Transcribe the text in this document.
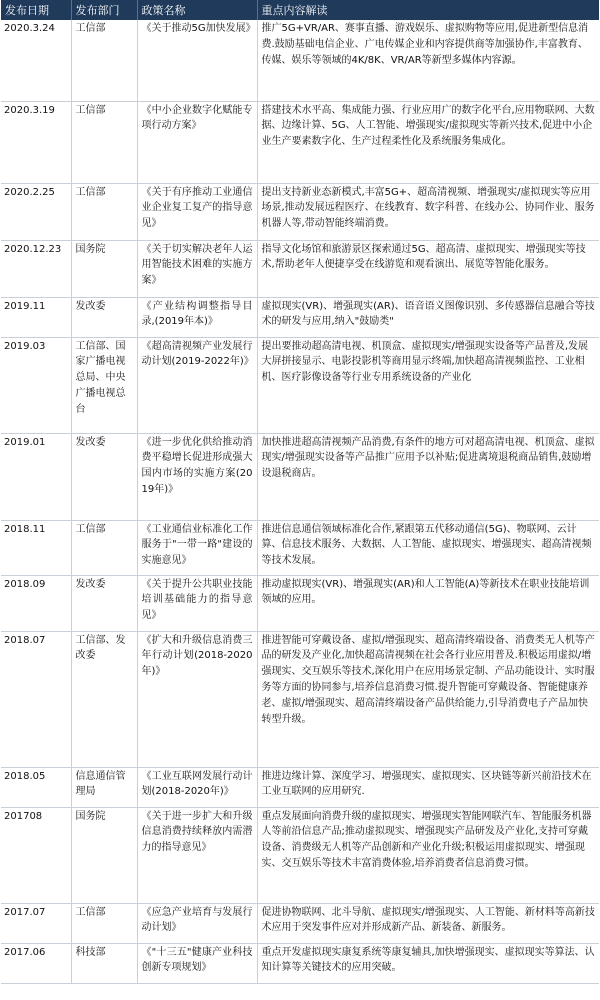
发布日期	发布部门	政策名称	重点内容解读
2020.3.24	工信部	《关于推动5G加快发展》	推广5G+VR/AR、赛事直播、游戏娱乐、虚拟购物等应用,促进新型信息消费.鼓励基础电信企业、广电传媒企业和内容提供商等加强协作,丰富教育、传媒、娱乐等领域的4K/8K、VR/AR等新型多媒体内容源。
2020.3.19	工信部	《中小企业数字化赋能专项行动方案》	搭建技术水平高、集成能力强、行业应用广的数字化平台,应用物联网、大数据、边缘计算、5G、人工智能、增强现实/虚拟现实等新兴技术,促进中小企业生产要素数字化、生产过程柔性化及系统服务集成化。
2020.2.25	工信部	《关于有序推动工业通信业企业复工复产的指导意见》	提出支持新业态新模式,丰富5G+、超高清视频、增强现实/虚拟现实等应用场景,推动发展远程医疗、在线教育、数字科普、在线办公、协同作业、服务机器人等,带动智能终端消费。
2020.12.23	国务院	《关于切实解决老年人运用智能技术困难的实施方案》	指导文化场馆和旅游景区探索通过5G、超高清、虚拟现实、增强现实等技术,帮助老年人便捷享受在线游览和观看演出、展览等智能化服务。
2019.11	发改委	《产业结构调整指导目录,(2019年本)》	虚拟现实(VR)、增强现实(AR)、语音语义图像识别、多传感器信息融合等技术的研发与应用,纳入"鼓励类"
2019.03	工信部、国家广播电视总局、中央广播电视总台	《超高清视频产业发展行动计划(2019-2022年)》	提出要推动超高清电视、机顶盒、虚拟现实/增强现实设备等产品普及,发展大屏拼接显示、电影投影机等商用显示终端,加快超高清视频监控、工业相机、医疗影像设备等行业专用系统设备的产业化
2019.01	发改委	《进一步优化供给推动消费平稳增长促进形成强大国内市场的实施方案(2019年)》	加快推进超高清视频产品消费,有条件的地方可对超高清电视、机顶盒、虚拟现实/增强现实设备等产品推广应用予以补贴;促进离境退税商品销售,鼓励增设退税商店。
2018.11	工信部	《工业通信业标准化工作服务于"一带一路"建设的实施意见》	推进信息通信领域标准化合作,紧跟第五代移动通信(5G)、物联网、云计算、信息技术服务、大数据、人工智能、虚拟现实、增强现实、超高清视频等技术发展。
2018.09	发改委	《关于提升公共职业技能培训基础能力的指导意见》	推动虚拟现实(VR)、增强现实(AR)和人工智能(A)等新技术在职业技能培训领域的应用。
2018.07	工信部、发改委	《扩大和升级信息消费三年行动计划(2018-2020年)》	推进智能可穿戴设备、虚拟/增强现实、超高清终端设备、消费类无人机等产品的研发及产业化,加快超高清视频在社会各行业应用普及.积极运用虚拟/增强现实、交互娱乐等技术,深化用户在应用场景定制、产品功能设计、实时服务等方面的协同参与,培养信息消费习惯.提升智能可穿戴设备、智能健康养老、虚拟/增强现实、超高清终端设备产品供给能力,引导消费电子产品加快转型升级。
2018.05	信息通信管理局	《工业互联网发展行动计划(2018-2020年)》	推进边缘计算、深度学习、增强现实、虚拟现实、区块链等新兴前沿技术在工业互联网的应用研究.
201708	国务院	《关于进一步扩大和升级信息消费持续释放内需潜力的指导意见》	重点发展面向消费升级的虚拟现实、增强现实智能网联汽车、智能服务机器人等前沿信息产品;推动虚拟现实、增强现实产品研发及产业化,支持可穿戴设备、消费级无人机等产品创新和产业化升级;积极运用虚拟现实、增强现实、交互娱乐等技术丰富消费体验,培养消费者信息消费习惯。
2017.07	工信部	《应急产业培育与发展行动计划》	促进协物联网、北斗导航、虚拟现实/增强现实、人工智能、新材料等高新技术应用于突发事件应对并形成新产品、新装备、新服务。
2017.06	科技部	《"十三五"健康产业科技创新专项规划》	重点开发虚拟现实康复系统等康复辅具,加快增强现实、虚拟现实等算法、认知计算等关键技术的应用突破。
